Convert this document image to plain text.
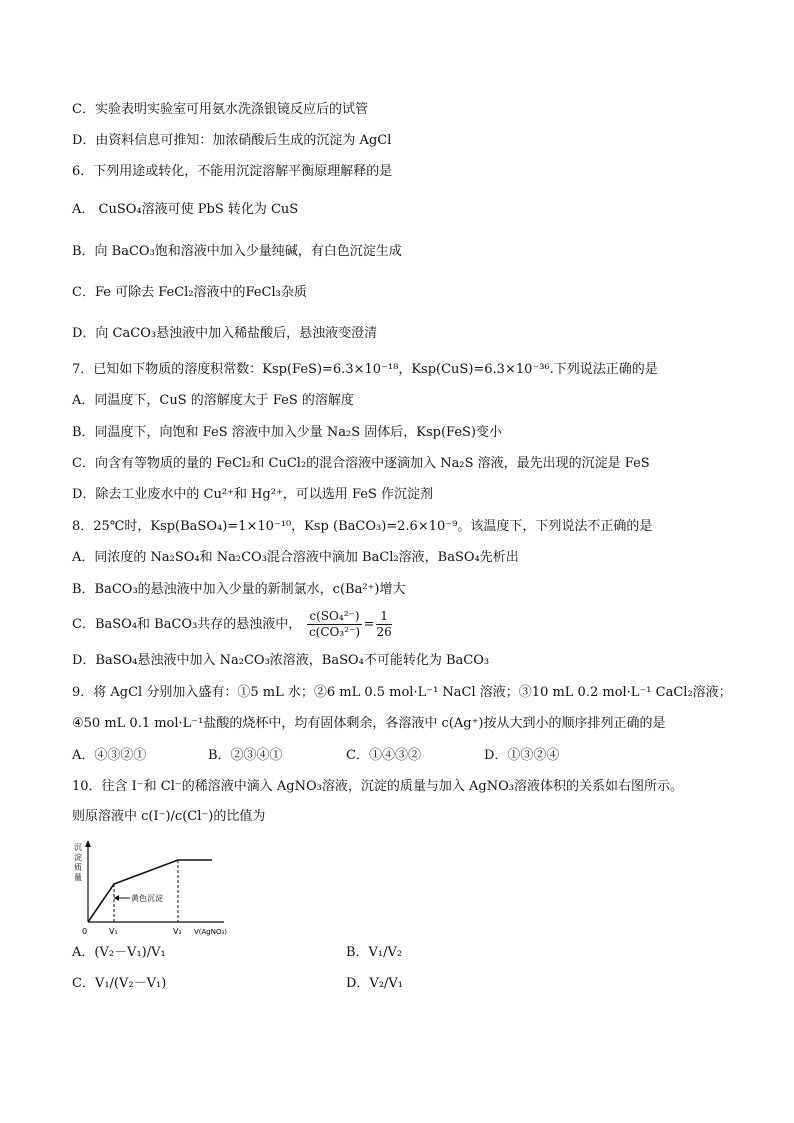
C．实验表明实验室可用氨水洗涤银镜反应后的试管
D．由资料信息可推知：加浓硝酸后生成的沉淀为 AgCl
6．下列用途或转化，不能用沉淀溶解平衡原理解释的是
A． CuSO₄溶液可使 PbS 转化为 CuS
B．向 BaCO₃饱和溶液中加入少量纯碱，有白色沉淀生成
C．Fe 可除去 FeCl₂溶液中的FeCl₃杂质
D．向 CaCO₃悬浊液中加入稀盐酸后，悬浊液变澄清
7．已知如下物质的溶度积常数：Ksp(FeS)=6.3×10⁻¹⁸，Ksp(CuS)=6.3×10⁻³⁶.下列说法正确的是
A．同温度下，CuS 的溶解度大于 FeS 的溶解度
B．同温度下，向饱和 FeS 溶液中加入少量 Na₂S 固体后，Ksp(FeS)变小
C．向含有等物质的量的 FeCl₂和 CuCl₂的混合溶液中逐滴加入 Na₂S 溶液，最先出现的沉淀是 FeS
D．除去工业废水中的 Cu²⁺和 Hg²⁺，可以选用 FeS 作沉淀剂
8．25℃时，Ksp(BaSO₄)=1×10⁻¹⁰，Ksp (BaCO₃)=2.6×10⁻⁹。该温度下，下列说法不正确的是
A．同浓度的 Na₂SO₄和 Na₂CO₃混合溶液中滴加 BaCl₂溶液，BaSO₄先析出
B．BaCO₃的悬浊液中加入少量的新制氯水，c(Ba²⁺)增大
C．BaSO₄和 BaCO₃共存的悬浊液中， $\frac{\text{c(SO₄²⁻)}}{\text{c(CO₃²⁻)}} = \frac{1}{26}$
D．BaSO₄悬浊液中加入 Na₂CO₃浓溶液，BaSO₄不可能转化为 BaCO₃
9．将 AgCl 分别加入盛有：①5 mL 水；②6 mL 0.5 mol·L⁻¹ NaCl 溶液；③10 mL 0.2 mol·L⁻¹ CaCl₂溶液；
④50 mL 0.1 mol·L⁻¹盐酸的烧杯中，均有固体剩余，各溶液中 c(Ag⁺)按从大到小的顺序排列正确的是
A．④③②①	B．②③④①	C．①④③②	D．①③②④
10．往含 I⁻和 Cl⁻的稀溶液中滴入 AgNO₃溶液，沉淀的质量与加入 AgNO₃溶液体积的关系如右图所示。
则原溶液中 c(I⁻)/c(Cl⁻)的比值为
沉
淀
质
量
黄色沉淀
0	V₁	V₂ V(AgNO₃)
A．(V₂－V₁)/V₁	B．V₁/V₂
C．V₁/(V₂－V₁)	D．V₂/V₁
